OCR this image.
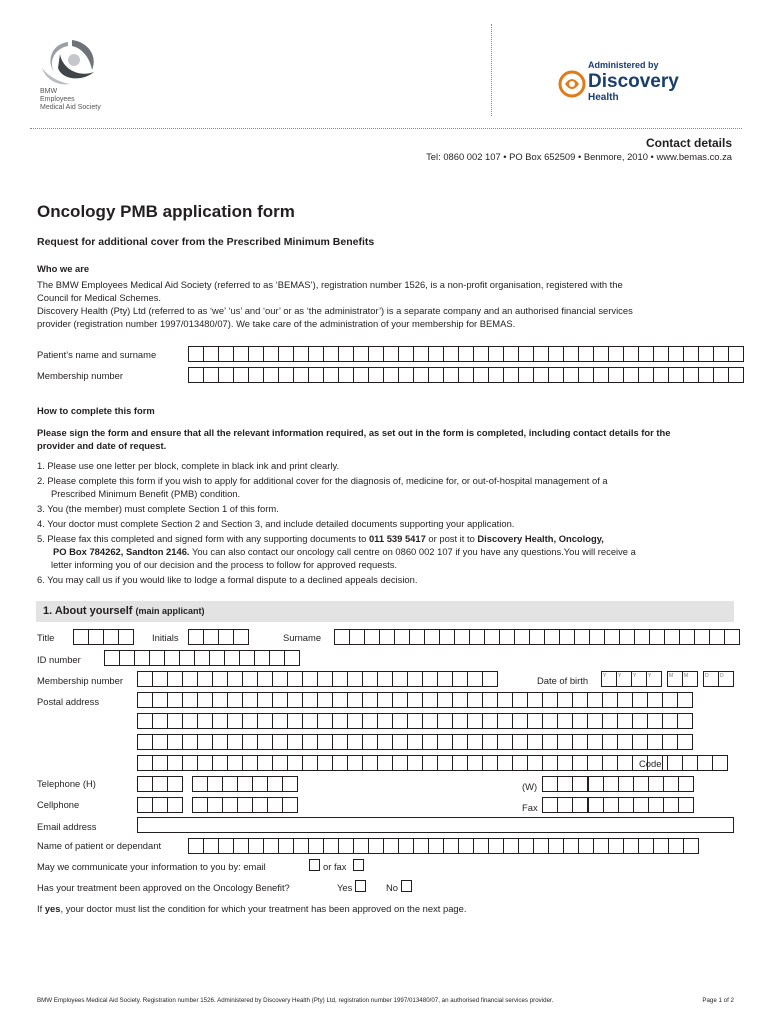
BMW
Employees
Medical Aid Society
Administered by
Discovery
Health
Contact details
Tel: 0860 002 107 • PO Box 652509 • Benmore, 2010 • www.bemas.co.za
Oncology PMB application form
Request for additional cover from the Prescribed Minimum Benefits
Who we are
The BMW Employees Medical Aid Society (referred to as ‘BEMAS’), registration number 1526, is a non-profit organisation, registered with the
Council for Medical Schemes.
Discovery Health (Pty) Ltd (referred to as ‘we’ ‘us’ and ‘our’ or as ‘the administrator’) is a separate company and an authorised financial services
provider (registration number 1997/013480/07). We take care of the administration of your membership for BEMAS.
Patient’s name and surname
Membership number
How to complete this form
Please sign the form and ensure that all the relevant information required, as set out in the form is completed, including contact details for the
provider and date of request.
1. Please use one letter per block, complete in black ink and print clearly.
2. Please complete this form if you wish to apply for additional cover for the diagnosis of, medicine for, or out-of-hospital management of a
Prescribed Minimum Benefit (PMB) condition.
3. You (the member) must complete Section 1 of this form.
4. Your doctor must complete Section 2 and Section 3, and include detailed documents supporting your application.
5. Please fax this completed and signed form with any supporting documents to 011 539 5417 or post it to Discovery Health, Oncology,
PO Box 784262, Sandton 2146. You can also contact our oncology call centre on 0860 002 107 if you have any questions.You will receive a
letter informing you of our decision and the process to follow for approved requests.
6. You may call us if you would like to lodge a formal dispute to a declined appeals decision.
1. About yourself (main applicant)
Title	Initials	Surname
ID number
Membership number	Date of birth	Y Y Y Y	M M	D D
Postal address
Code
Telephone (H)	(W)
Cellphone	Fax
Email address
Name of patient or dependant
May we communicate your information to you by: email	or fax
Has your treatment been approved on the Oncology Benefit?	Yes	No
If yes, your doctor must list the condition for which your treatment has been approved on the next page.
BMW Employees Medical Aid Society. Registration number 1526. Administered by Discovery Health (Pty) Ltd, registration number 1997/013480/07, an authorised financial services provider.	Page 1 of 2
